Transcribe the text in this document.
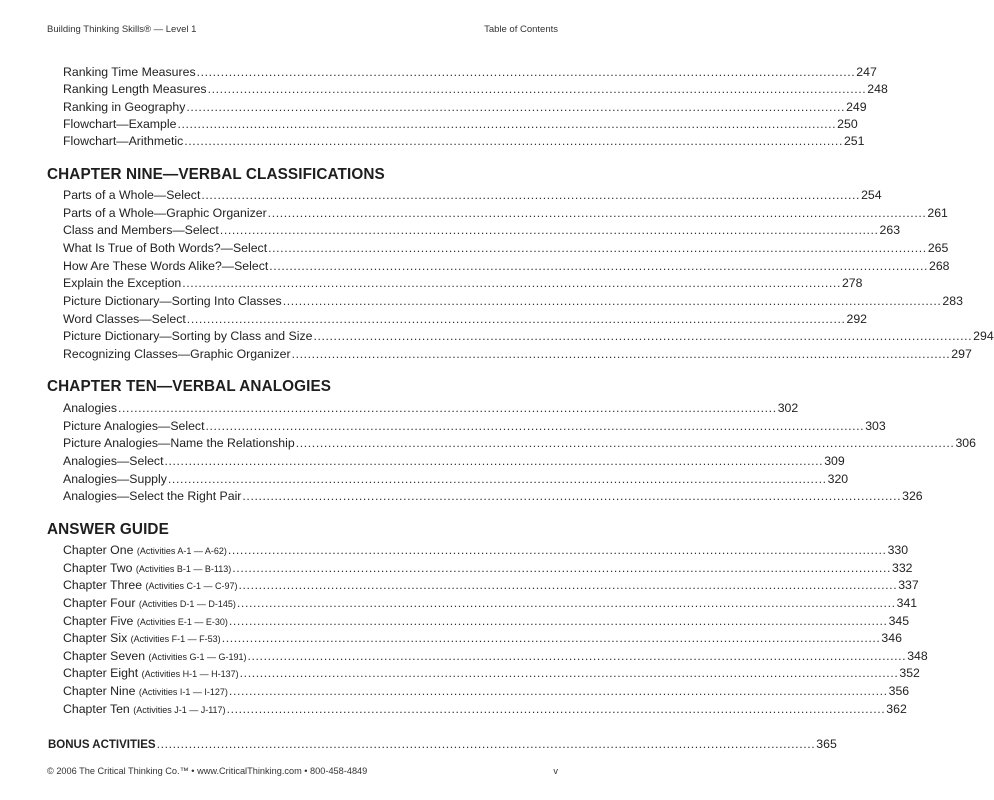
Building Thinking Skills® — Level 1	Table of Contents
Ranking Time Measures .................................................................................................................................................................... 247
Ranking Length Measures .................................................................................................................................................................... 248
Ranking in Geography .................................................................................................................................................................... 249
Flowchart—Example .................................................................................................................................................................... 250
Flowchart—Arithmetic .................................................................................................................................................................... 251
CHAPTER NINE—VERBAL CLASSIFICATIONS
Parts of a Whole—Select .................................................................................................................................................................... 254
Parts of a Whole—Graphic Organizer .................................................................................................................................................................... 261
Class and Members—Select .................................................................................................................................................................... 263
What Is True of Both Words?—Select .................................................................................................................................................................... 265
How Are These Words Alike?—Select .................................................................................................................................................................... 268
Explain the Exception .................................................................................................................................................................... 278
Picture Dictionary—Sorting Into Classes .................................................................................................................................................................... 283
Word Classes—Select .................................................................................................................................................................... 292
Picture Dictionary—Sorting by Class and Size .................................................................................................................................................................... 294
Recognizing Classes—Graphic Organizer .................................................................................................................................................................... 297
CHAPTER TEN—VERBAL ANALOGIES
Analogies .................................................................................................................................................................... 302
Picture Analogies—Select .................................................................................................................................................................... 303
Picture Analogies—Name the Relationship .................................................................................................................................................................... 306
Analogies—Select .................................................................................................................................................................... 309
Analogies—Supply .................................................................................................................................................................... 320
Analogies—Select the Right Pair .................................................................................................................................................................... 326
ANSWER GUIDE
Chapter One (Activities A-1 — A-62) .................................................................................................................................................................... 330
Chapter Two (Activities B-1 — B-113) .................................................................................................................................................................... 332
Chapter Three (Activities C-1 — C-97) .................................................................................................................................................................... 337
Chapter Four (Activities D-1 — D-145) .................................................................................................................................................................... 341
Chapter Five (Activities E-1 — E-30) .................................................................................................................................................................... 345
Chapter Six (Activities F-1 — F-53) .................................................................................................................................................................... 346
Chapter Seven (Activities G-1 — G-191) .................................................................................................................................................................... 348
Chapter Eight (Activities H-1 — H-137) .................................................................................................................................................................... 352
Chapter Nine (Activities I-1 — I-127) .................................................................................................................................................................... 356
Chapter Ten (Activities J-1 — J-117) .................................................................................................................................................................... 362
BONUS ACTIVITIES .................................................................................................................................................................... 365
© 2006 The Critical Thinking Co.™ • www.CriticalThinking.com • 800-458-4849	v
